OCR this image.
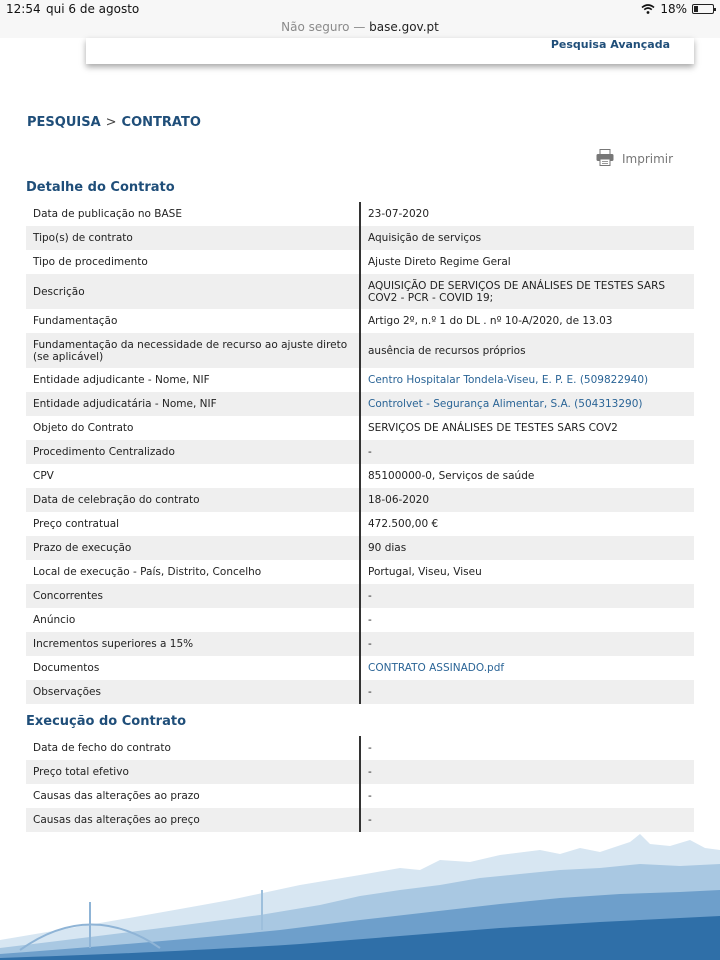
12:54 qui 6 de agosto	18%
Não seguro — base.gov.pt
Pesquisa Avançada
PESQUISA > CONTRATO
Imprimir
Detalhe do Contrato
Data de publicação no BASE	23-07-2020
Tipo(s) de contrato	Aquisição de serviços
Tipo de procedimento	Ajuste Direto Regime Geral
Descrição	AQUISIÇÃO DE SERVIÇOS DE ANÁLISES DE TESTES SARS COV2 - PCR - COVID 19;
Fundamentação	Artigo 2º, n.º 1 do DL . nº 10-A/2020, de 13.03
Fundamentação da necessidade de recurso ao ajuste direto (se aplicável)	ausência de recursos próprios
Entidade adjudicante - Nome, NIF	Centro Hospitalar Tondela-Viseu, E. P. E. (509822940)
Entidade adjudicatária - Nome, NIF	Controlvet - Segurança Alimentar, S.A. (504313290)
Objeto do Contrato	SERVIÇOS DE ANÁLISES DE TESTES SARS COV2
Procedimento Centralizado	-
CPV	85100000-0, Serviços de saúde
Data de celebração do contrato	18-06-2020
Preço contratual	472.500,00 €
Prazo de execução	90 dias
Local de execução - País, Distrito, Concelho	Portugal, Viseu, Viseu
Concorrentes	-
Anúncio	-
Incrementos superiores a 15%	-
Documentos	CONTRATO ASSINADO.pdf
Observações	-
Execução do Contrato
Data de fecho do contrato	-
Preço total efetivo	-
Causas das alterações ao prazo	-
Causas das alterações ao preço	-
